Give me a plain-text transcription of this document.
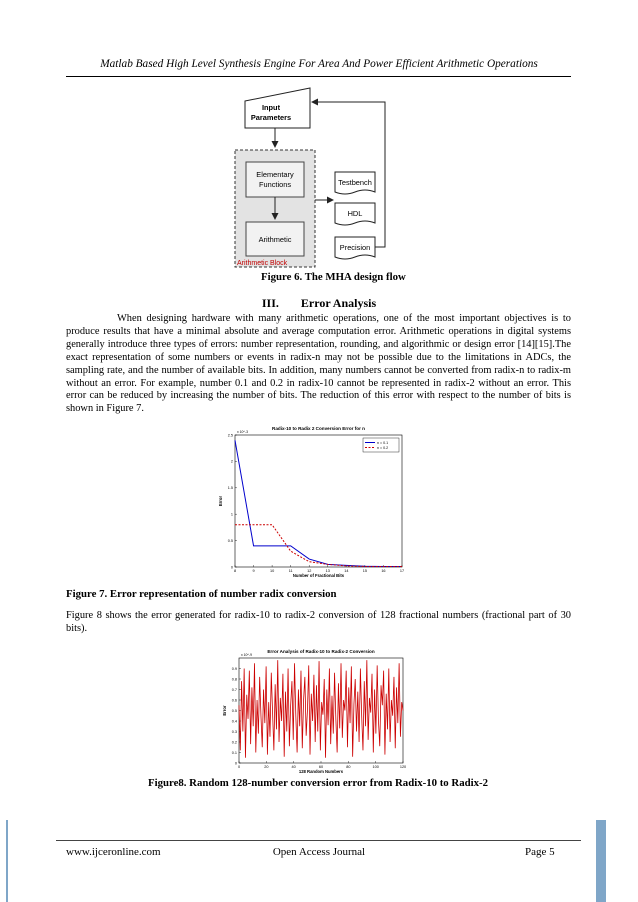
Matlab Based High Level Synthesis Engine For Area And Power Efficient Arithmetic Operations
Input
Parameters
Elementary
Functions
Arithmetic
Arithmetic Block
Testbench
HDL
Precision
Figure 6. The MHA design flow
III. Error Analysis

When designing hardware with many arithmetic operations, one of the most important objectives is to produce results that have a minimal absolute and average computation error. Arithmetic operations in digital systems generally introduce three types of errors: number representation, rounding, and algorithmic or design error [14][15].The exact representation of some numbers or events in radix-n may not be possible due to the limitations in ADCs, the sampling rate, and the number of available bits. In addition, many numbers cannot be converted from radix-n to radix-m without an error. For example, number 0.1 and 0.2 in radix-10 cannot be represented in radix-2 without an error. This error can be reduced by increasing the number of bits. The reduction of this error with respect to the number of bits is shown in Figure 7.

Radix-10 to Radix 2 Conversion Error for n
x 10^-3
8	9	10	11	12	13	14	15	16	17
0
0.5
1
1.5
2
2.5
Number of Fractional Bits
Error
n = 0.1
n = 0.2
Figure 7. Error representation of number radix conversion

Figure 8 shows the error generated for radix-10 to radix-2 conversion of 128 fractional numbers (fractional part of 30 bits).

Error Analysis of Radix-10 to Radix-2 Conversion
x 10^-9
0	20	40	60	80	100	120
0
0.1
0.2
0.3
0.4
0.5
0.6
0.7
0.8
0.9
128 Random Numbers
Error
Figure8. Random 128-number conversion error from Radix-10 to Radix-2
www.ijceronline.com	Open Access Journal	Page 5
